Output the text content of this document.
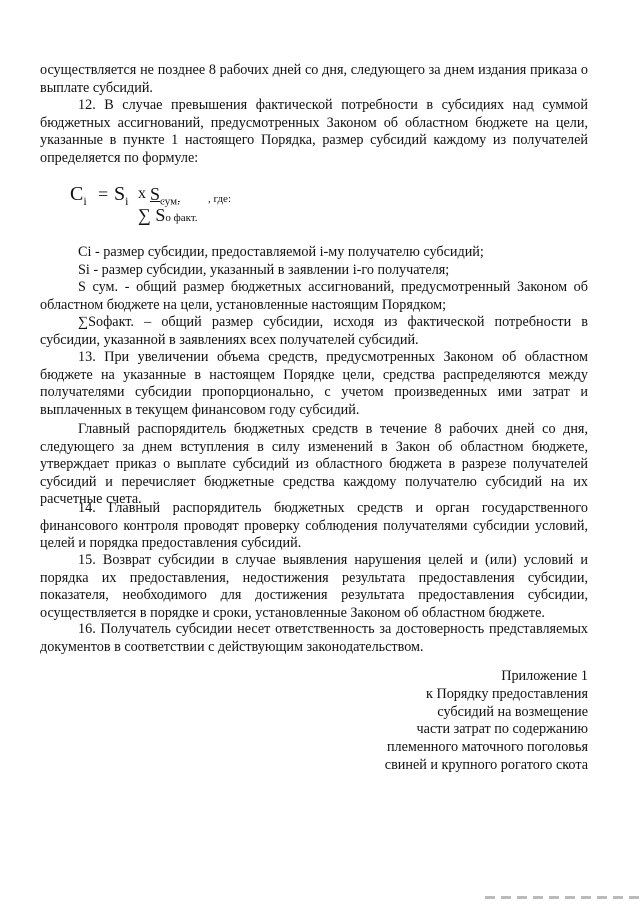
осуществляется не позднее 8 рабочих дней со дня, следующего за днем издания приказа о выплате субсидий.

12. В случае превышения фактической потребности в субсидиях над суммой бюджетных ассигнований, предусмотренных Законом об областном бюджете на цели, указанные в пункте 1 настоящего Порядка, размер субсидий каждому из получателей определяется по формуле:

$C_i = S_i$ x $S_{сум.}$	, где:
∑ Sо факт.

Ci - размер субсидии, предоставляемой i-му получателю субсидий;

Si - размер субсидии, указанный в заявлении i-го получателя;

S сум. - общий размер бюджетных ассигнований, предусмотренный Законом об областном бюджете на цели, установленные настоящим Порядком;

∑Sофакт. – общий размер субсидии, исходя из фактической потребности в субсидии, указанной в заявлениях всех получателей субсидий.

13. При увеличении объема средств, предусмотренных Законом об областном бюджете на указанные в настоящем Порядке цели, средства распределяются между получателями субсидии пропорционально, с учетом произведенных ими затрат и выплаченных в текущем финансовом году субсидий.

Главный распорядитель бюджетных средств в течение 8 рабочих дней со дня, следующего за днем вступления в силу изменений в Закон об областном бюджете, утверждает приказ о выплате субсидий из областного бюджета в разрезе получателей субсидий и перечисляет бюджетные средства каждому получателю субсидий на их расчетные счета.

14. Главный распорядитель бюджетных средств и орган государственного финансового контроля проводят проверку соблюдения получателями субсидии условий, целей и порядка предоставления субсидий.

15. Возврат субсидии в случае выявления нарушения целей и (или) условий и порядка их предоставления, недостижения результата предоставления субсидии, показателя, необходимого для достижения результата предоставления субсидии, осуществляется в порядке и сроки, установленные Законом об областном бюджете.

16. Получатель субсидии несет ответственность за достоверность представляемых документов в соответствии с действующим законодательством.

Приложение 1
к Порядку предоставления
субсидий на возмещение
части затрат по содержанию
племенного маточного поголовья
свиней и крупного рогатого скота
